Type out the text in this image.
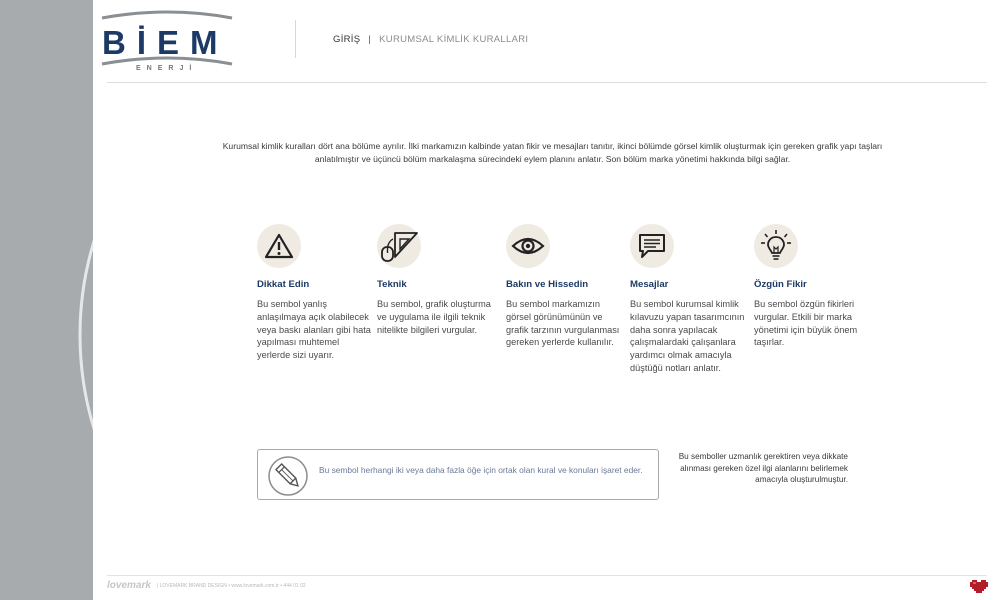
BİEM
ENERJİ
GİRİŞ | KURUMSAL KİMLİK KURALLARI
Kurumsal kimlik kuralları dört ana bölüme ayrılır. İlki markamızın kalbinde yatan fikir ve mesajları tanıtır, ikinci bölümde görsel kimlik oluşturmak için gereken grafik yapı taşları anlatılmıştır ve üçüncü bölüm markalaşma sürecindeki eylem planını anlatır. Son bölüm marka yönetimi hakkında bilgi sağlar.
Dikkat Edin
Bu sembol yanlış anlaşılmaya açık olabilecek veya baskı alanları gibi hata yapılması muhtemel yerlerde sizi uyarır.
Teknik
Bu sembol, grafik oluşturma ve uygulama ile ilgili teknik nitelikte bilgileri vurgular.
Bakın ve Hissedin
Bu sembol markamızın görsel görünümünün ve grafik tarzının vurgulanması gereken yerlerde kullanılır.
Mesajlar
Bu sembol kurumsal kimlik kılavuzu yapan tasarımcının daha sonra yapılacak çalışmalardaki çalışanlara yardımcı olmak amacıyla düştüğü notları anlatır.
Özgün Fikir
Bu sembol özgün fikirleri vurgular. Etkili bir marka yönetimi için büyük önem taşırlar.
Bu sembol herhangi iki veya daha fazla öğe için ortak olan kural ve konuları işaret eder.
Bu semboller uzmanlık gerektiren veya dikkate alınması gereken özel ilgi alanlarını belirlemek amacıyla oluşturulmuştur.
lovemark | LOVEMARK BRAND DESIGN • www.lovemark.com.tr • 444 01 02
